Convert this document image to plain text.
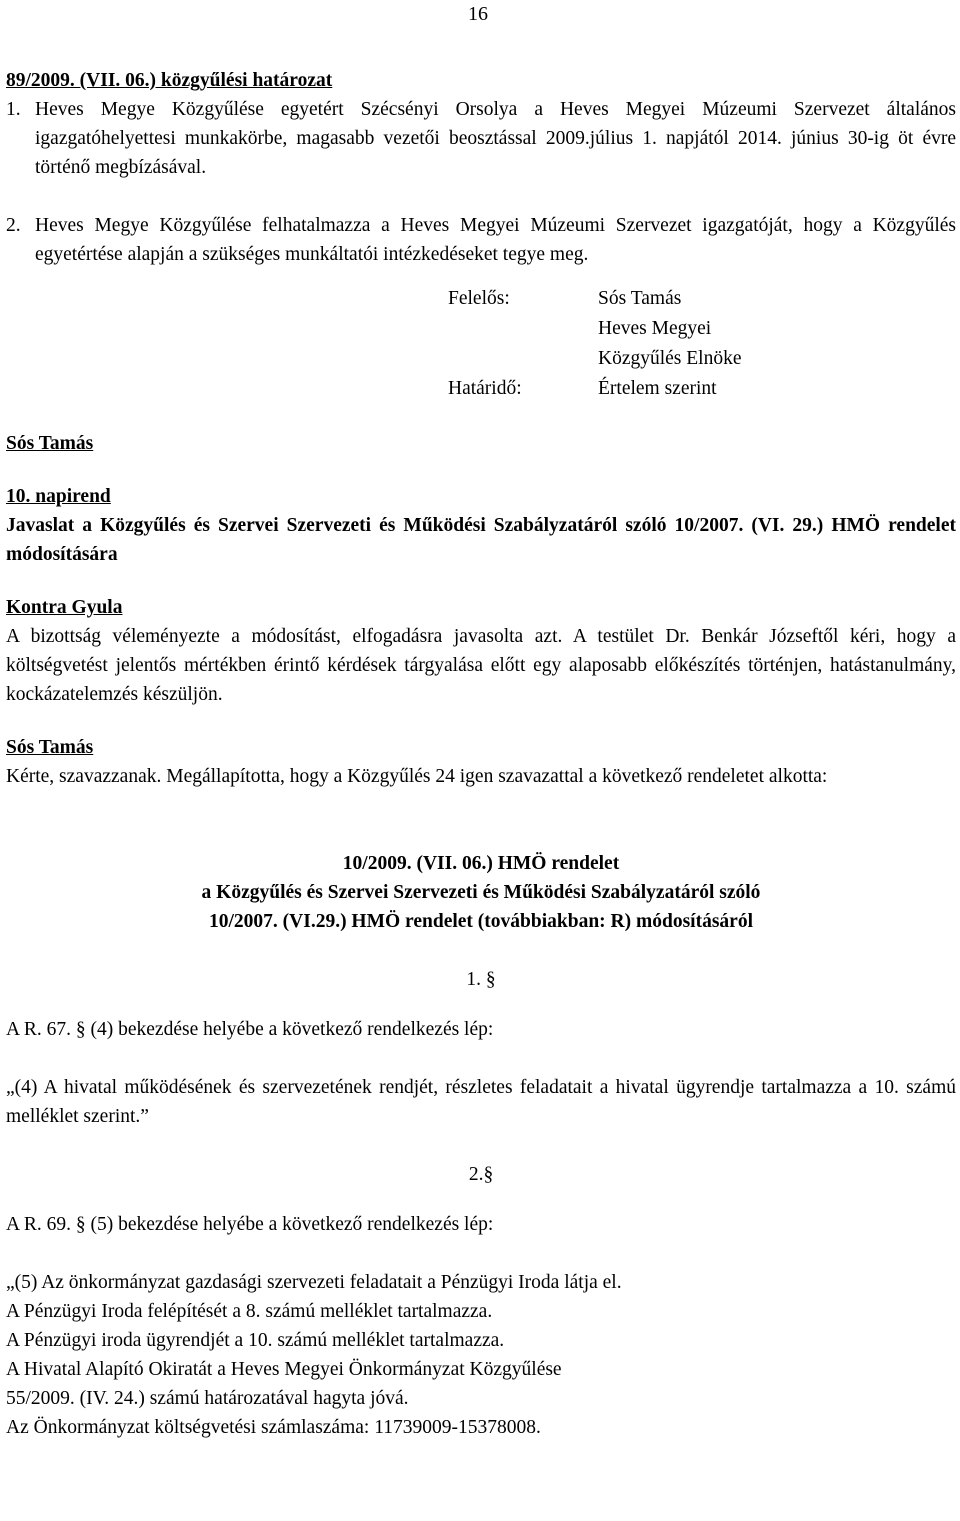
16

89/2009. (VII. 06.) közgyűlési határozat

1. Heves Megye Közgyűlése egyetért Szécsényi Orsolya a Heves Megyei Múzeumi Szervezet általános igazgatóhelyettesi munkakörbe, magasabb vezetői beosztással 2009.július 1. napjától 2014. június 30-ig öt évre történő megbízásával.
2. Heves Megye Közgyűlése felhatalmazza a Heves Megyei Múzeumi Szervezet igazgatóját, hogy a Közgyűlés egyetértése alapján a szükséges munkáltatói intézkedéseket tegye meg.
Felelős:	Sós Tamás
Heves Megyei Közgyűlés Elnöke
Határidő:	Értelem szerint

Sós Tamás

10. napirend

Javaslat a Közgyűlés és Szervei Szervezeti és Működési Szabályzatáról szóló 10/2007. (VI. 29.) HMÖ rendelet módosítására

Kontra Gyula

A bizottság véleményezte a módosítást, elfogadásra javasolta azt. A testület Dr. Benkár Józseftől kéri, hogy a költségvetést jelentős mértékben érintő kérdések tárgyalása előtt egy alaposabb előkészítés történjen, hatástanulmány, kockázatelemzés készüljön.

Sós Tamás

Kérte, szavazzanak. Megállapította, hogy a Közgyűlés 24 igen szavazattal a következő rendeletet alkotta:

10/2009. (VII. 06.) HMÖ rendelet
a Közgyűlés és Szervei Szervezeti és Működési Szabályzatáról szóló
10/2007. (VI.29.) HMÖ rendelet (továbbiakban: R) módosításáról

1. §

A R. 67. § (4) bekezdése helyébe a következő rendelkezés lép:

„(4) A hivatal működésének és szervezetének rendjét, részletes feladatait a hivatal ügyrendje tartalmazza a 10. számú melléklet szerint.”

2.§

A R. 69. § (5) bekezdése helyébe a következő rendelkezés lép:

„(5) Az önkormányzat gazdasági szervezeti feladatait a Pénzügyi Iroda látja el.
A Pénzügyi Iroda felépítését a 8. számú melléklet tartalmazza.
A Pénzügyi iroda ügyrendjét a 10. számú melléklet tartalmazza.
A Hivatal Alapító Okiratát a Heves Megyei Önkormányzat Közgyűlése
55/2009. (IV. 24.) számú határozatával hagyta jóvá.
Az Önkormányzat költségvetési számlaszáma: 11739009-15378008.
